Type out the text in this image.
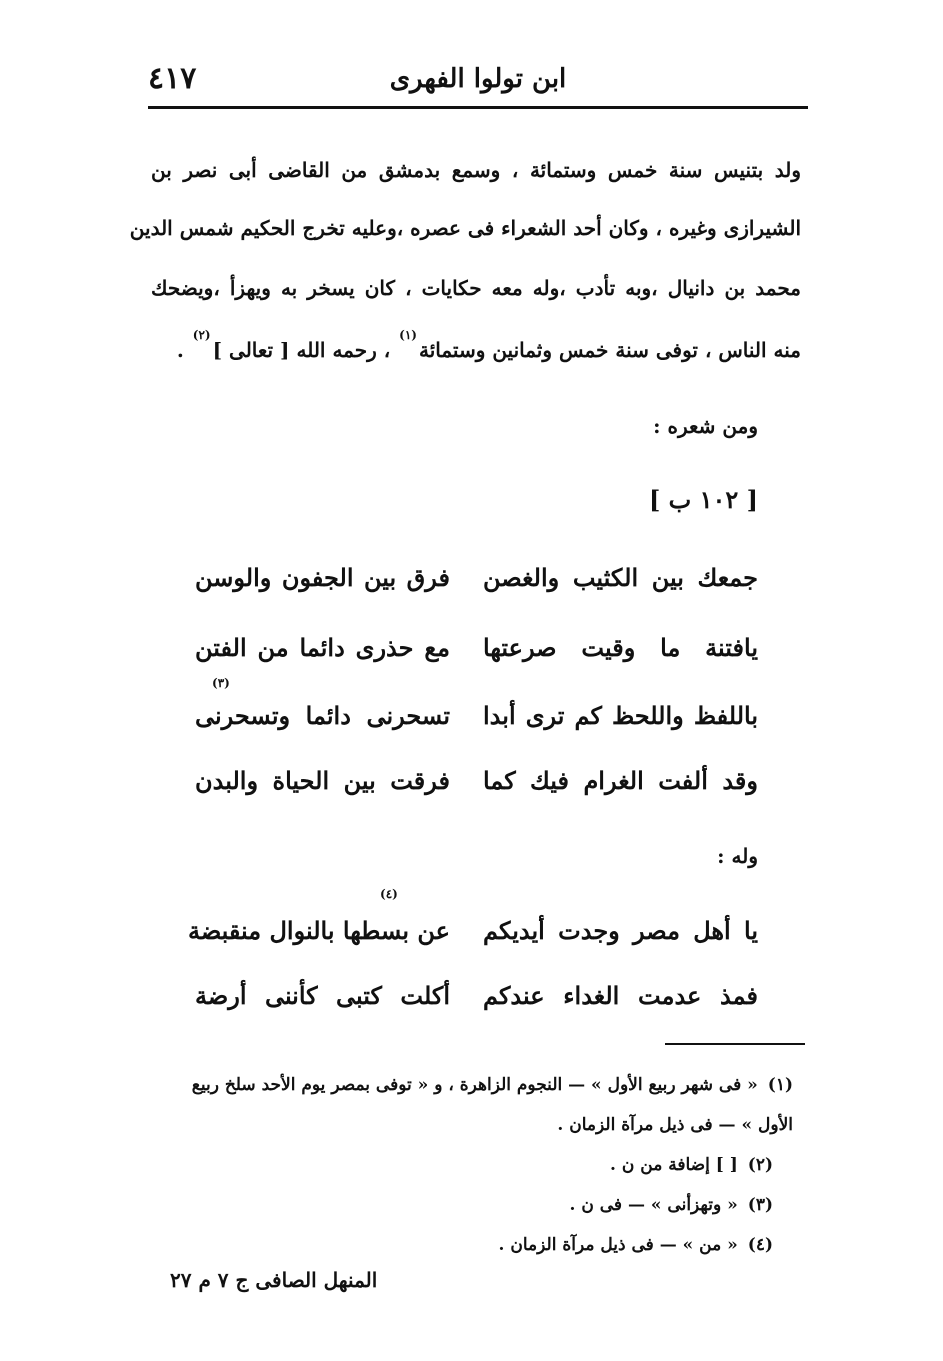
٤١٧	ابن تولوا الفهرى
ولد بتنيس سنة خمس وستمائة ، وسمع بدمشق من القاضى أبى نصر بن
الشيرازى وغيره ، وكان أحد الشعراء فى عصره ،وعليه تخرج الحكيم شمس الدين
محمد بن دانيال ،وبه تأدب ،وله معه حكايات ، كان يسخر به ويهزأ ،ويضحك
منه الناس ، توفى سنة خمس وثمانين وستمائة$^{(١)}$ ، رحمه الله [ تعالى ]$^{(٢)}$ .
ومن شعره :
[ ١٠٢ ب ]
جمعك بين الكثيب والغصن
فرق بين الجفون والوسن
يافتنة ما وقيت صرعتها
مع حذرى دائما من الفتن
(٣)
باللفظ واللحظ كم ترى أبدا
تسحرنى دائما وتسحرنى
وقد ألفت الغرام فيك كما
فرقت بين الحياة والبدن
وله :
(٤)
يا أهل مصر وجدت أيديكم
عن بسطها بالنوال منقبضة
فمذ عدمت الغداء عندكم
أكلت كتبى كأننى أرضة
(١)« فى شهر ربيع الأول » — النجوم الزاهرة ، و « توفى بمصر يوم الأحد سلخ ربيع
الأول » — فى ذيل مرآة الزمان .
(٢)[ ] إضافة من ن .
(٣)« وتهزأنى » — فى ن .
(٤)« من » — فى ذيل مرآة الزمان .
المنهل الصافى ج ٧ م ٢٧
